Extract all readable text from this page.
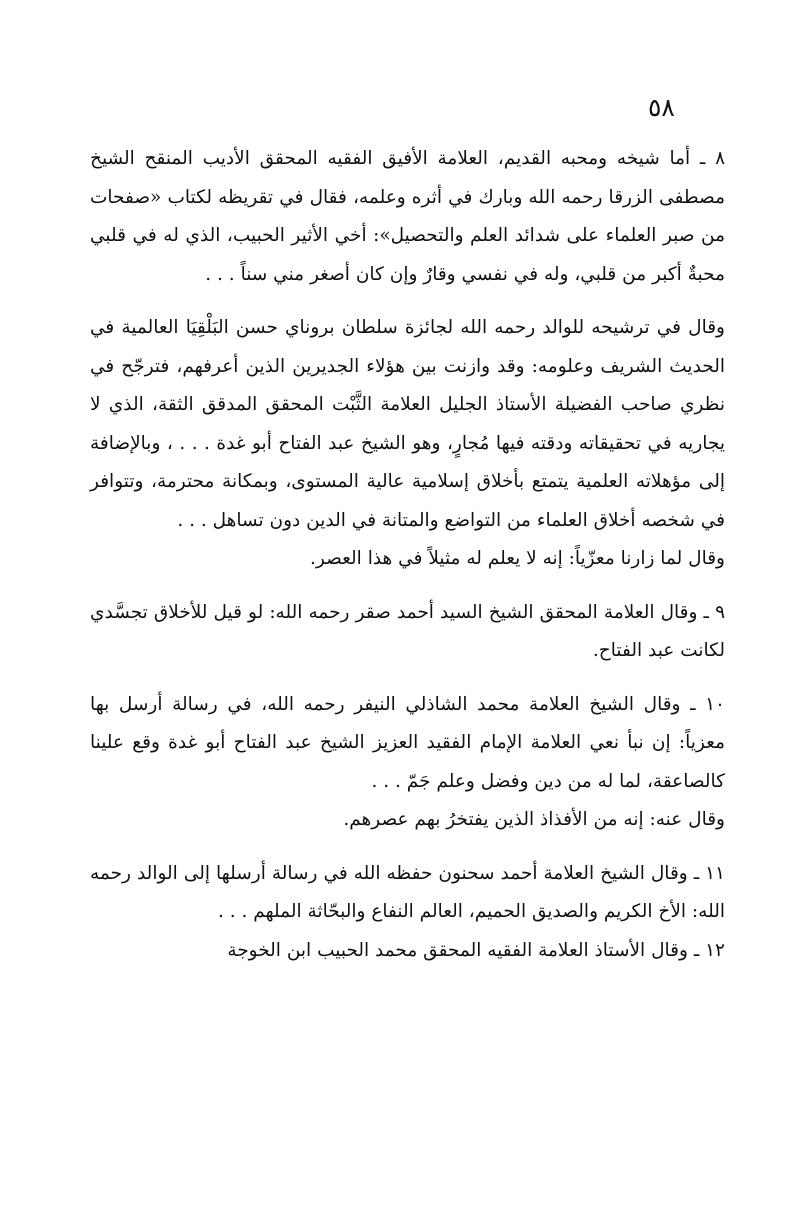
٥٨

٨ ـ أما شيخه ومحبه القديم، العلامة الأفيق الفقيه المحقق الأديب المنقح الشيخ مصطفى الزرقا رحمه الله وبارك في أثره وعلمه، فقال في تقريظه لكتاب «صفحات من صبر العلماء على شدائد العلم والتحصيل»: أخي الأثير الحبيب، الذي له في قلبي محبةٌ أكبر من قلبي، وله في نفسي وقارٌ وإن كان أصغر مني سناً . . .

وقال في ترشيحه للوالد رحمه الله لجائزة سلطان بروناي حسن البَلْقِيَا العالمية في الحديث الشريف وعلومه: وقد وازنت بين هؤلاء الجديرين الذين أعرفهم، فترجّح في نظري صاحب الفضيلة الأستاذ الجليل العلامة الثَّبْت المحقق المدقق الثقة، الذي لا يجاريه في تحقيقاته ودقته فيها مُجارٍ، وهو الشيخ عبد الفتاح أبو غدة . . . ، وبالإضافة إلى مؤهلاته العلمية يتمتع بأخلاق إسلامية عالية المستوى، وبمكانة محترمة، وتتوافر في شخصه أخلاق العلماء من التواضع والمتانة في الدين دون تساهل . . .

وقال لما زارنا معزّياً: إنه لا يعلم له مثيلاً في هذا العصر.

٩ ـ وقال العلامة المحقق الشيخ السيد أحمد صقر رحمه الله: لو قيل للأخلاق تجسَّدي لكانت عبد الفتاح.

١٠ ـ وقال الشيخ العلامة محمد الشاذلي النيفر رحمه الله، في رسالة أرسل بها معزياً: إن نبأ نعي العلامة الإمام الفقيد العزيز الشيخ عبد الفتاح أبو غدة وقع علينا كالصاعقة، لما له من دين وفضل وعلم جَمّ . . .

وقال عنه: إنه من الأفذاذ الذين يفتخرُ بهم عصرهم.

١١ ـ وقال الشيخ العلامة أحمد سحنون حفظه الله في رسالة أرسلها إلى الوالد رحمه الله: الأخ الكريم والصديق الحميم، العالم النفاع والبحّاثة الملهم . . .

١٢ ـ وقال الأستاذ العلامة الفقيه المحقق محمد الحبيب ابن الخوجة
